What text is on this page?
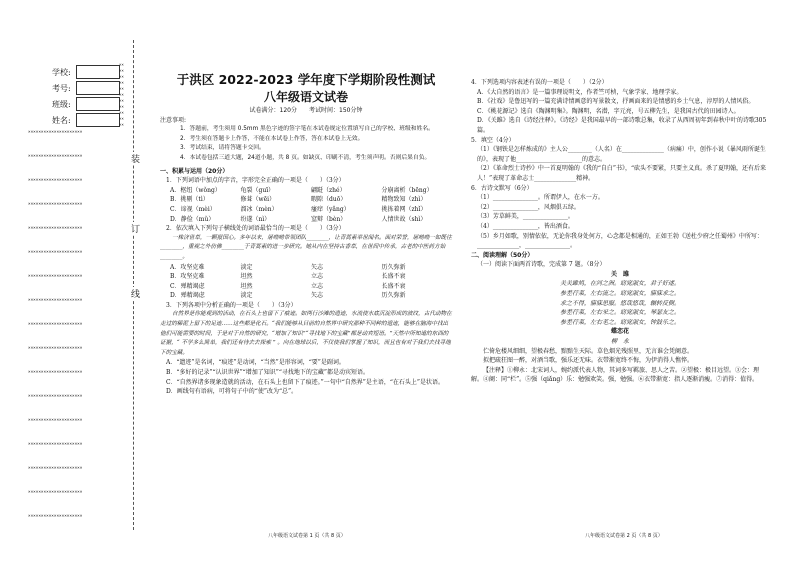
学校:
考号:
班级:
姓名:
××
××
××
××
××
××
××
××
××
××
××
×××××××××××××××××××××
×××××××××××××××××××××
×××××××××××××××××××××
×××××××××××××××××××××
×××××××××××××××××××××
×××××××××××××××××××××
×××××××××××××××××××××
×××××××××××××××××××××
×××××××××××××××××××××
×××××××××××××××××××××
×××××××××××××××××××××
×××××××××××××××××××××
×××××××××××××××××××××
×××××××××××××××××××××
×××××××××××××××××××××
×××××××××××××××××××××
×××××××××××××××××××××
装
订
线

于洪区 2022-2023 学年度下学期阶段性测试

八年级语文试卷

试卷满分：120分　　考试时间：150分钟

注意事项:

1．答题前，考生须用 0.5mm 黑色字迹的签字笔在本试卷规定位置填写自己的学校、班级和姓名。

2．考生须在答题卡上作答，不能在本试卷上作答，答在本试卷上无效。

3．考试结束，请将答题卡交回。

4．本试卷包括三道大题，24道小题，共 8 页。如缺页、印刷不清，考生须声明。否则后果自负。

一、积累与运用（20分）

1．下列词语中加点的字音，字形完全正确的一项是（　　）（3分）

A．枢纽（wǒng）	龟裂（guī）	翩跹（zhé）	分崩离析（bēng）
B．挑剔（tì）	修葺（wēi）	暇隙（duō）	精物致知（zhì）
C．谛视（mèi）	溜冰（mèn）	瘙痒（yǎng）	挑拣着网（zhǐ）
D．静俭（mǔ）	纷遂（nì）	窒辩（bèn）	人情世故（shì）

2．依次填入下列句子横线处的词语最恰当的一项是（　　）（3分）

一株济世草，一颗报国心。多年以来，屠呦呦带领团队________，让青蒿素举世闻名。面对荣誉，屠呦呦一如既往________，重视之外仿佛________于青蒿素的进一步研究。她从内在坚持古香草，在世间中传承，古老的中医药方始________。

A．攻坚克难	淡定	矢志	历久弥新
B．攻坚克难	坦然	立志	长盛不衰
C．殚精竭虑	坦然	立志	长盛不衰
D．殚精竭虑	淡定	矢志	历久弥新

3．下列各项中分析正确的一项是（　　）（3分）

自然界是你能观到的活动，在石头上也留下了痕迹。如两行沙滩的遗迹，水流使水底沉淀形成的波纹，古代动物在走过的稀泥上留下的足迹……这些都是化石。“我们能够从目前的自然界中研究那种不同种的遗迹，能够在脑海中找出他们可能需要的时间，于是对于自然的研究，“增加了知识”“寻找地下的宝藏”都是动宾短语。”天然中所知道的东西的证据，“ 不学多么简单，我们还有待去去探索 ” 。向在地球以后，不仅使我们掌握了知识，而且也有对于我们去找寻地下的宝藏。

A．“遗迹”是名词，“痕迹”是动词，“当然”是形容词，“要”是副词。

B．“多好的记录”“认识世界”“增加了知识”“寻找地下的宝藏”都是动宾短语。

C．“自然界诸多现象造就的活动，在石头上也留下了痕迹。”一句中“自然界”是主语，“在石头上”是状语。

D．画线句有语病，可将句子中的“使”改为“总”。

八年级语文试卷第 1 页（共 8 页）

4．下列选项内容表述有误的一项是（　　）（2分）

A．《大自然的语言》是一篇事理说明文，作者竺可桢，气象学家、地理学家。

B．《社戏》是鲁迅写的一篇充满诗情画意的写景散文，抒画面来的是情感的乡土气息，淳厚的人情风俗。

C．《桃花源记》选自《陶渊明集》。陶渊明，名潜，字元亮，号五柳先生，是我国古代的田园诗人。

D．《关雎》选自《诗经注释》。《诗经》是我国最早的一部诗歌总集，收录了从西周初年到春秋中叶的诗歌305篇。

5．填空（4分）

（1）《钢铁是怎样炼成的》主人公________（人名）在______________（病痛）中，创作小说《暴风雨所诞生的》，表现了他______________________的意志。

（2）《革命烈士诗抄》中一首夏明翰的《我的“自白”书》，“砍头不要紧，只要主义真。杀了夏明翰，还有后来人！”表现了革命志士______________精神。

6．古诗文默写（6分）

（1）_______________。所谓伊人，在水一方。

（2）_______________，风烟俱五绿。

（3）芳草鲜美，_______________。

（4）_______________，皆出酒食。

（5）乡月如歌，别情依依，无论你我身处何方，心念都是相通的，正如王勃《送杜少府之任蜀州》中所写：______________，_______________。

二、阅读理解（50分）

（一）阅读下面两首诗歌，完成第 7 题。（8分）

关　雎

关关雎鸠，在河之洲。窈窕淑女，君子好逑。

参差荇菜，左右流之。窈窕淑女，寤寐求之。

求之不得，寤寐思服。悠哉悠哉，辗转反侧。

参差荇菜，左右采之。窈窕淑女，琴瑟友之。

参差荇菜，左右芼之。窈窕淑女，钟鼓乐之。

蝶恋花

柳　永

伫倚危楼风细细，望极春愁，黯黯生天际。草色烟光残照里，无言谁会凭阑意。

拟把疏狂图一醉，对酒当歌，强乐还无味。衣带渐宽终不悔，为伊消得人憔悴。

【注释】①柳永：北宋词人，婉约派代表人物，其词多写羁旅、思人之苦。②望极：极目远望。③会：理解。④阑：同“栏”。⑤强（qiǎng）乐：勉强欢笑。强，勉强。⑥衣带渐宽：指人逐渐消瘦。⑦消得：值得。

八年级语文试卷第 2 页（共 8 页）
